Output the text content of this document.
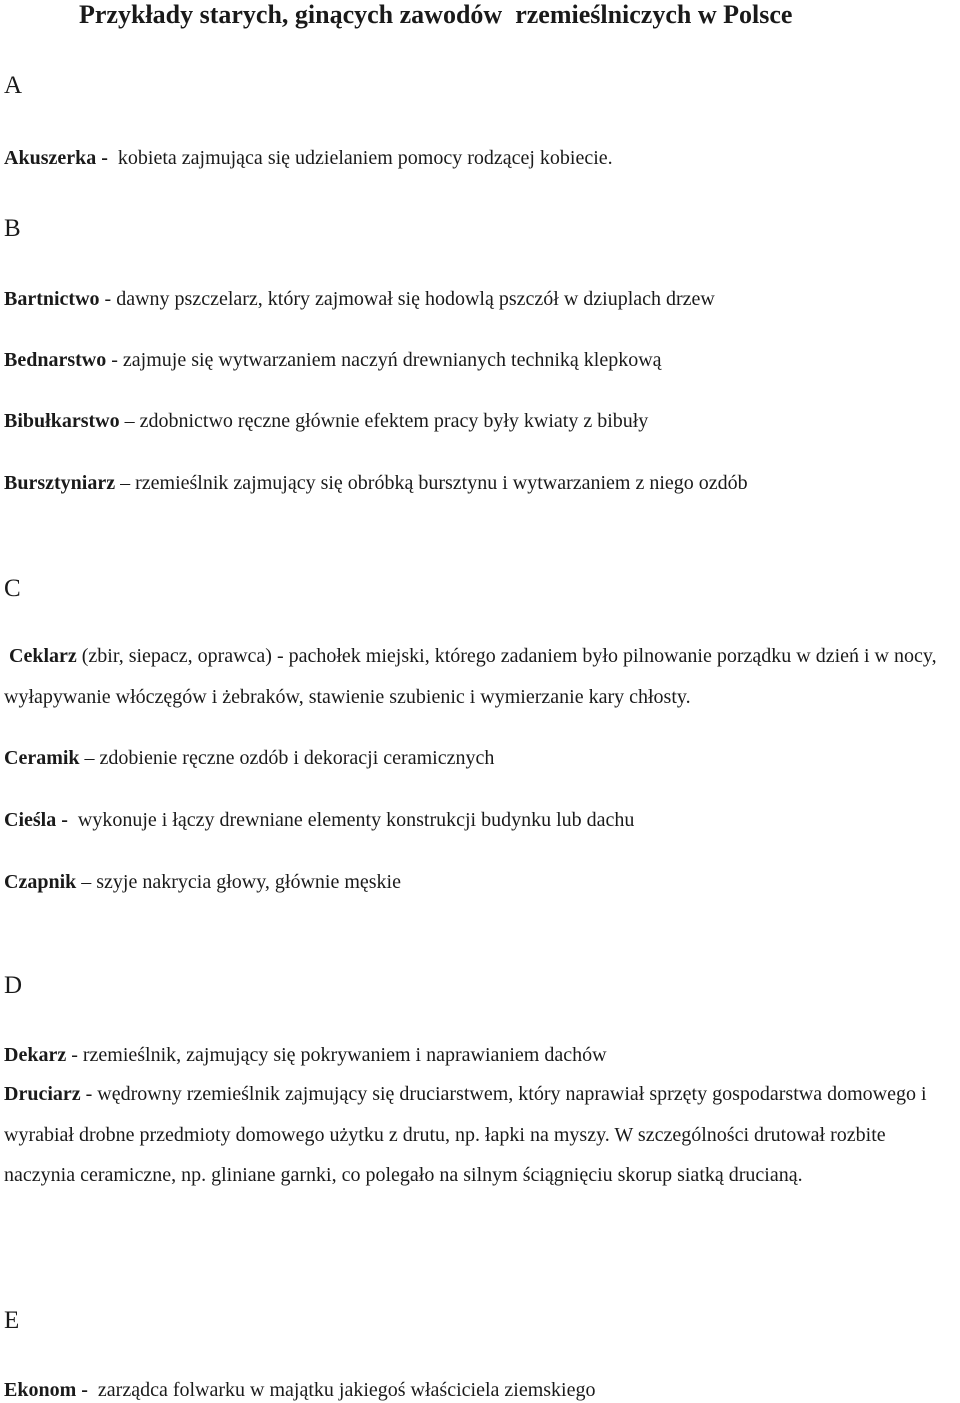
Przykłady starych, ginących zawodów  rzemieślniczych w Polsce
A
Akuszerka -  kobieta zajmująca się udzielaniem pomocy rodzącej kobiecie.
B
Bartnictwo - dawny pszczelarz, który zajmował się hodowlą pszczół w dziuplach drzew
Bednarstwo - zajmuje się wytwarzaniem naczyń drewnianych techniką klepkową
Bibułkarstwo – zdobnictwo ręczne głównie efektem pracy były kwiaty z bibuły
Bursztyniarz – rzemieślnik zajmujący się obróbką bursztynu i wytwarzaniem z niego ozdób
C
Ceklarz (zbir, siepacz, oprawca) - pachołek miejski, którego zadaniem było pilnowanie porządku w dzień i w nocy, wyłapywanie włóczęgów i żebraków, stawienie szubienic i wymierzanie kary chłosty.
Ceramik – zdobienie ręczne ozdób i dekoracji ceramicznych
Cieśla -  wykonuje i łączy drewniane elementy konstrukcji budynku lub dachu
Czapnik – szyje nakrycia głowy, głównie męskie
D
Dekarz - rzemieślnik, zajmujący się pokrywaniem i naprawianiem dachów
Druciarz - wędrowny rzemieślnik zajmujący się druciarstwem, który naprawiał sprzęty gospodarstwa domowego i wyrabiał drobne przedmioty domowego użytku z drutu, np. łapki na myszy. W szczególności drutował rozbite naczynia ceramiczne, np. gliniane garnki, co polegało na silnym ściągnięciu skorup siatką drucianą.
E
Ekonom -  zarządca folwarku w majątku jakiegoś właściciela ziemskiego
